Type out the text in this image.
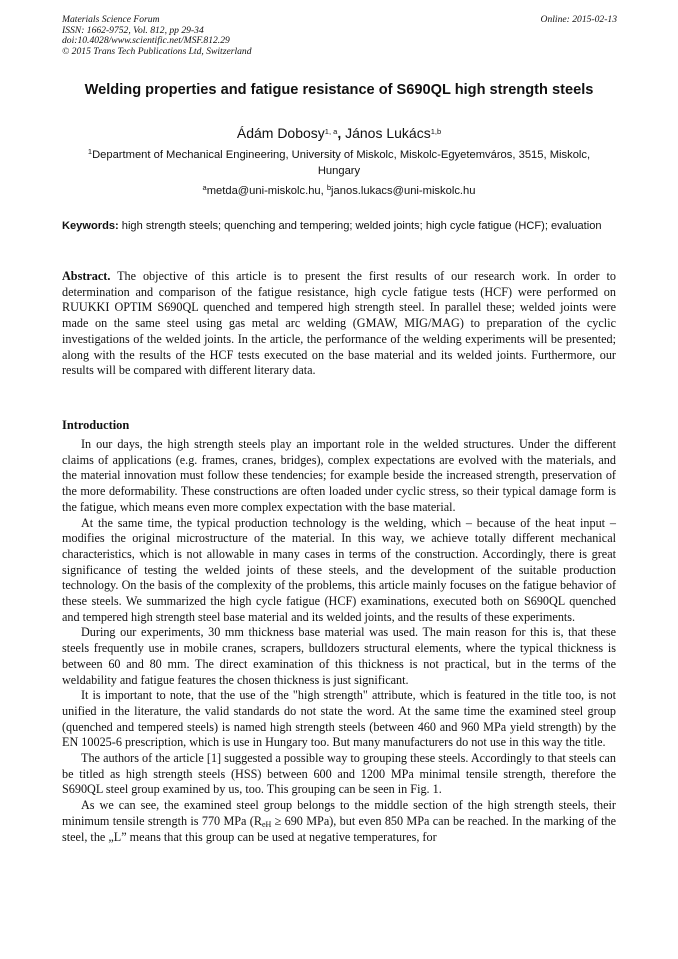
Materials Science Forum
ISSN: 1662-9752, Vol. 812, pp 29-34
doi:10.4028/www.scientific.net/MSF.812.29
© 2015 Trans Tech Publications Ltd, Switzerland
Online: 2015-02-13
Welding properties and fatigue resistance of S690QL high strength steels
Ádám Dobosy$^{1, a}$, János Lukács$^{1,b}$
$^1$Department of Mechanical Engineering, University of Miskolc, Miskolc-Egyetemváros, 3515, Miskolc, Hungary
$^a$metda@uni-miskolc.hu, $^b$janos.lukacs@uni-miskolc.hu
Keywords: high strength steels; quenching and tempering; welded joints; high cycle fatigue (HCF); evaluation
Abstract. The objective of this article is to present the first results of our research work. In order to determination and comparison of the fatigue resistance, high cycle fatigue tests (HCF) were performed on RUUKKI OPTIM S690QL quenched and tempered high strength steel. In parallel these; welded joints were made on the same steel using gas metal arc welding (GMAW, MIG/MAG) to preparation of the cyclic investigations of the welded joints. In the article, the performance of the welding experiments will be presented; along with the results of the HCF tests executed on the base material and its welded joints. Furthermore, our results will be compared with different literary data.
Introduction

In our days, the high strength steels play an important role in the welded structures. Under the different claims of applications (e.g. frames, cranes, bridges), complex expectations are evolved with the materials, and the material innovation must follow these tendencies; for example beside the increased strength, preservation of the more deformability. These constructions are often loaded under cyclic stress, so their typical damage form is the fatigue, which means even more complex expectation with the base material.

At the same time, the typical production technology is the welding, which – because of the heat input – modifies the original microstructure of the material. In this way, we achieve totally different mechanical characteristics, which is not allowable in many cases in terms of the construction. Accordingly, there is great significance of testing the welded joints of these steels, and the development of the suitable production technology. On the basis of the complexity of the problems, this article mainly focuses on the fatigue behavior of these steels. We summarized the high cycle fatigue (HCF) examinations, executed both on S690QL quenched and tempered high strength steel base material and its welded joints, and the results of these experiments.

During our experiments, 30 mm thickness base material was used. The main reason for this is, that these steels frequently use in mobile cranes, scrapers, bulldozers structural elements, where the typical thickness is between 60 and 80 mm. The direct examination of this thickness is not practical, but in the terms of the weldability and fatigue features the chosen thickness is just significant.

It is important to note, that the use of the "high strength" attribute, which is featured in the title too, is not unified in the literature, the valid standards do not state the word. At the same time the examined steel group (quenched and tempered steels) is named high strength steels (between 460 and 960 MPa yield strength) by the EN 10025-6 prescription, which is use in Hungary too. But many manufacturers do not use in this way the title.

The authors of the article [1] suggested a possible way to grouping these steels. Accordingly to that steels can be titled as high strength steels (HSS) between 600 and 1200 MPa minimal tensile strength, therefore the S690QL steel group examined by us, too. This grouping can be seen in Fig. 1.

As we can see, the examined steel group belongs to the middle section of the high strength steels, their minimum tensile strength is 770 MPa ($R_{eH} \ge 690$ MPa), but even 850 MPa can be reached. In the marking of the steel, the „L” means that this group can be used at negative temperatures, for
